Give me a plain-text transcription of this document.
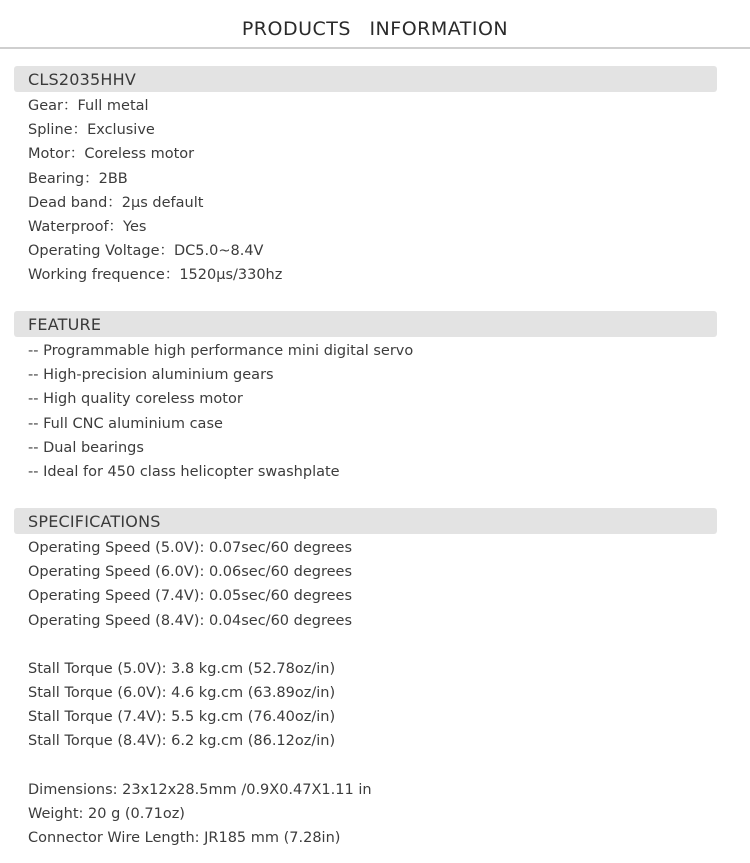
PRODUCTS INFORMATION
CLS2035HHV
Gear：Full metal
Spline：Exclusive
Motor：Coreless motor
Bearing：2BB
Dead band：2μs default
Waterproof：Yes
Operating Voltage：DC5.0~8.4V
Working frequence：1520μs/330hz
FEATURE
-- Programmable high performance mini digital servo
-- High-precision aluminium gears
-- High quality coreless motor
-- Full CNC aluminium case
-- Dual bearings
-- Ideal for 450 class helicopter swashplate
SPECIFICATIONS
Operating Speed (5.0V): 0.07sec/60 degrees
Operating Speed (6.0V): 0.06sec/60 degrees
Operating Speed (7.4V): 0.05sec/60 degrees
Operating Speed (8.4V): 0.04sec/60 degrees
Stall Torque (5.0V): 3.8 kg.cm (52.78oz/in)
Stall Torque (6.0V): 4.6 kg.cm (63.89oz/in)
Stall Torque (7.4V): 5.5 kg.cm (76.40oz/in)
Stall Torque (8.4V): 6.2 kg.cm (86.12oz/in)
Dimensions: 23x12x28.5mm /0.9X0.47X1.11 in
Weight: 20 g (0.71oz)
Connector Wire Length: JR185 mm (7.28in)
